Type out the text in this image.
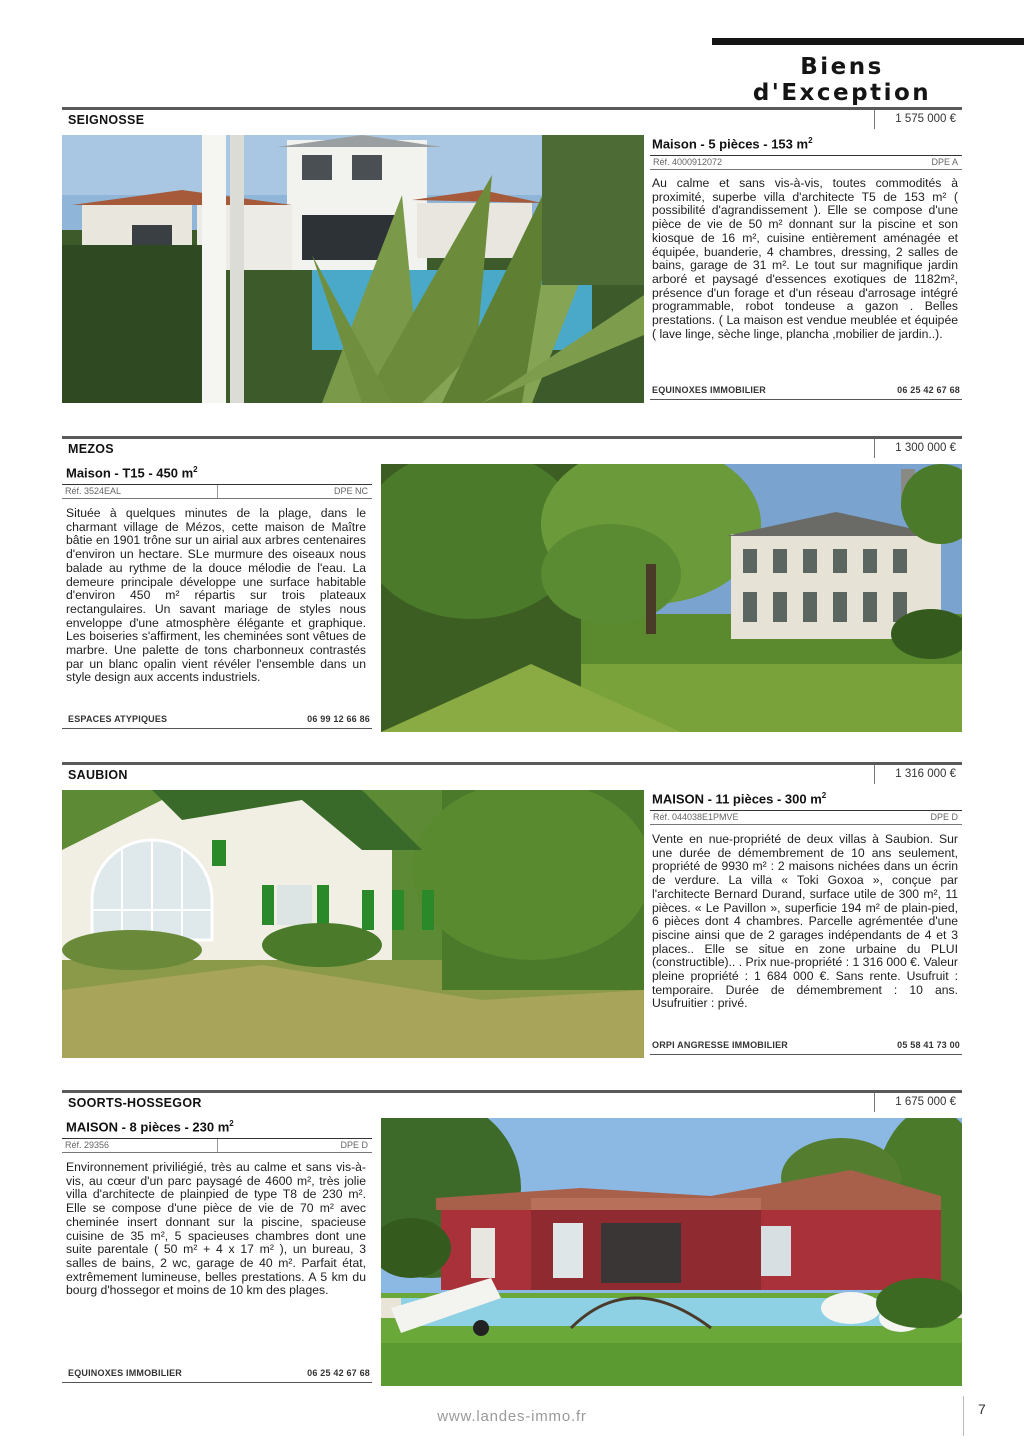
Biens d'Exception
SEIGNOSSE	1 575 000 €
Maison - 5 pièces - 153 $m^2$
Réf. 4000912072	DPE A
Au calme et sans vis-à-vis, toutes commodités à proximité, superbe villa d'architecte T5 de 153 m² ( possibilité d'agrandissement ). Elle se compose d'une pièce de vie de 50 m² donnant sur la piscine et son kiosque de 16 m², cuisine entièrement aménagée et équipée, buanderie, 4 chambres, dressing, 2 salles de bains, garage de 31 m². Le tout sur magnifique jardin arboré et paysagé d'essences exotiques de 1182m², présence d'un forage et d'un réseau d'arrosage intégré programmable, robot tondeuse a gazon . Belles prestations. ( La maison est vendue meublée et équipée ( lave linge, sèche linge, plancha ,mobilier de jardin..).
EQUINOXES IMMOBILIER	06 25 42 67 68
MEZOS	1 300 000 €
Maison - T15 - 450 $m^2$
Réf. 3524EAL	DPE NC
Située à quelques minutes de la plage, dans le charmant village de Mézos, cette maison de Maître bâtie en 1901 trône sur un airial aux arbres centenaires d'environ un hectare. SLe murmure des oiseaux nous balade au rythme de la douce mélodie de l'eau. La demeure principale développe une surface habitable d'environ 450 m² répartis sur trois plateaux rectangulaires. Un savant mariage de styles nous enveloppe d'une atmosphère élégante et graphique. Les boiseries s'affirment, les cheminées sont vêtues de marbre. Une palette de tons charbonneux contrastés par un blanc opalin vient révéler l'ensemble dans un style design aux accents industriels.
ESPACES ATYPIQUES	06 99 12 66 86
SAUBION	1 316 000 €
MAISON - 11 pièces - 300 $m^2$
Réf. 044038E1PMVE	DPE D
Vente en nue-propriété de deux villas à Saubion. Sur une durée de démembrement de 10 ans seulement, propriété de 9930 m² : 2 maisons nichées dans un écrin de verdure. La villa « Toki Goxoa », conçue par l'architecte Bernard Durand, surface utile de 300 m², 11 pièces. « Le Pavillon », superficie 194 m² de plain-pied, 6 pièces dont 4 chambres. Parcelle agrémentée d'une piscine ainsi que de 2 garages indépendants de 4 et 3 places.. Elle se situe en zone urbaine du PLUI (constructible).. . Prix nue-propriété : 1 316 000 €. Valeur pleine propriété : 1 684 000 €. Sans rente. Usufruit : temporaire. Durée de démembrement : 10 ans. Usufruitier : privé.
ORPI ANGRESSE IMMOBILIER	05 58 41 73 00
SOORTS-HOSSEGOR	1 675 000 €
MAISON - 8 pièces - 230 $m^2$
Réf. 29356	DPE D
Environnement priviliégié, très au calme et sans vis-à-vis, au cœur d'un parc paysagé de 4600 m², très jolie villa d'architecte de plainpied de type T8 de 230 m². Elle se compose d'une pièce de vie de 70 m² avec cheminée insert donnant sur la piscine, spacieuse cuisine de 35 m², 5 spacieuses chambres dont une suite parentale ( 50 m² + 4 x 17 m² ), un bureau, 3 salles de bains, 2 wc, garage de 40 m². Parfait état, extrêmement lumineuse, belles prestations. A 5 km du bourg d'hossegor et moins de 10 km des plages.
EQUINOXES IMMOBILIER	06 25 42 67 68
www.landes-immo.fr	7
